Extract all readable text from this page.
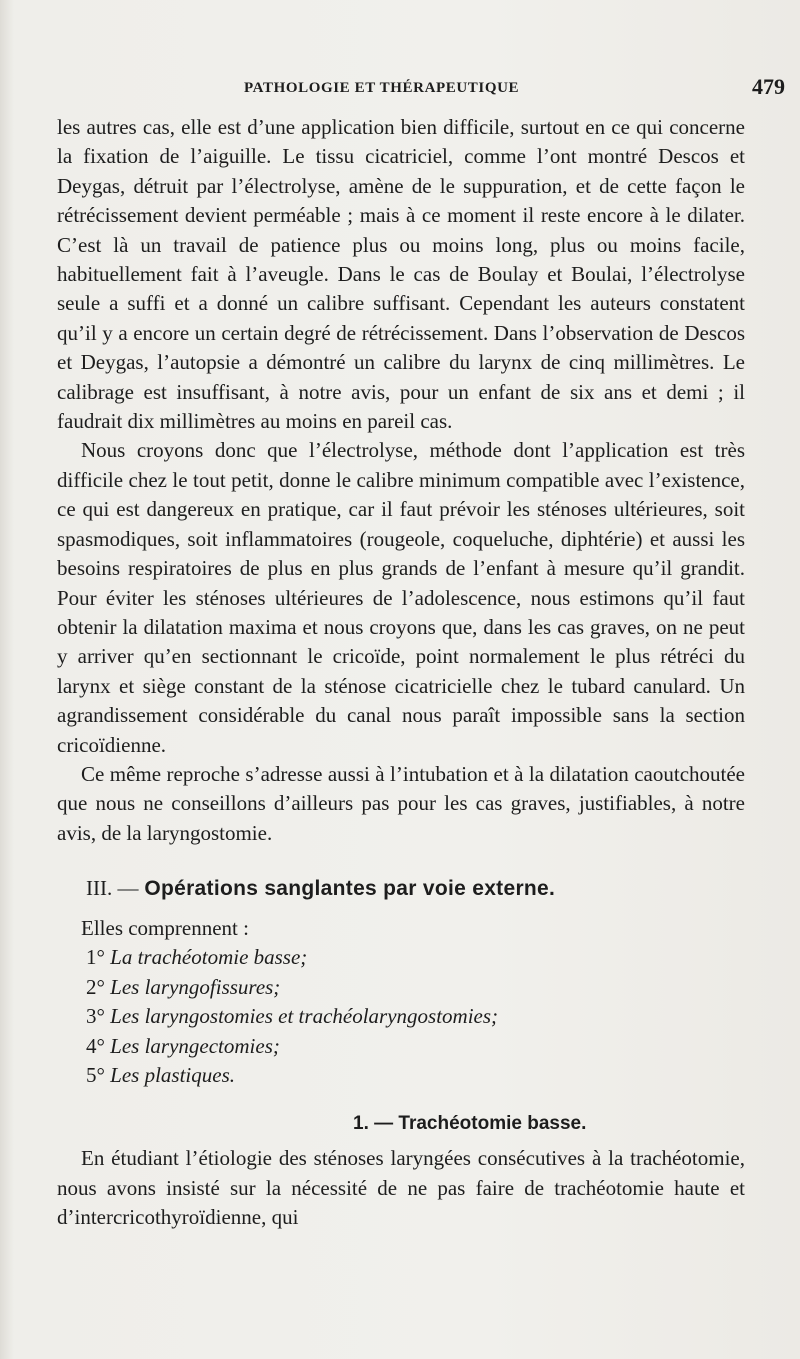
PATHOLOGIE ET THÉRAPEUTIQUE	479

les autres cas, elle est d’une application bien difficile, surtout en ce qui concerne la fixation de l’aiguille. Le tissu cicatriciel, comme l’ont montré Descos et Deygas, détruit par l’électrolyse, amène de le suppuration, et de cette façon le rétrécissement devient perméable ; mais à ce moment il reste encore à le dilater. C’est là un travail de patience plus ou moins long, plus ou moins facile, habituellement fait à l’aveugle. Dans le cas de Boulay et Boulai, l’électrolyse seule a suffi et a donné un calibre suffisant. Cependant les auteurs constatent qu’il y a encore un certain degré de rétrécissement. Dans l’observation de Descos et Deygas, l’autopsie a démontré un calibre du larynx de cinq millimètres. Le calibrage est insuffisant, à notre avis, pour un enfant de six ans et demi ; il faudrait dix millimètres au moins en pareil cas.

Nous croyons donc que l’électrolyse, méthode dont l’application est très difficile chez le tout petit, donne le calibre minimum compatible avec l’existence, ce qui est dangereux en pratique, car il faut prévoir les sténoses ultérieures, soit spasmodiques, soit inflammatoires (rougeole, coqueluche, diphtérie) et aussi les besoins respiratoires de plus en plus grands de l’enfant à mesure qu’il grandit. Pour éviter les sténoses ultérieures de l’adolescence, nous estimons qu’il faut obtenir la dilatation maxima et nous croyons que, dans les cas graves, on ne peut y arriver qu’en sectionnant le cricoïde, point normalement le plus rétréci du larynx et siège constant de la sténose cicatricielle chez le tubard canulard. Un agrandissement considérable du canal nous paraît impossible sans la section cricoïdienne.

Ce même reproche s’adresse aussi à l’intubation et à la dilatation caoutchoutée que nous ne conseillons d’ailleurs pas pour les cas graves, justifiables, à notre avis, de la laryngostomie.

III. — Opérations sanglantes par voie externe.

Elles comprennent :

1° La trachéotomie basse;
2° Les laryngofissures;
3° Les laryngostomies et trachéolaryngostomies;
4° Les laryngectomies;
5° Les plastiques.
1. — Trachéotomie basse.

En étudiant l’étiologie des sténoses laryngées consécutives à la trachéotomie, nous avons insisté sur la nécessité de ne pas faire de trachéotomie haute et d’intercricothyroïdienne, qui
